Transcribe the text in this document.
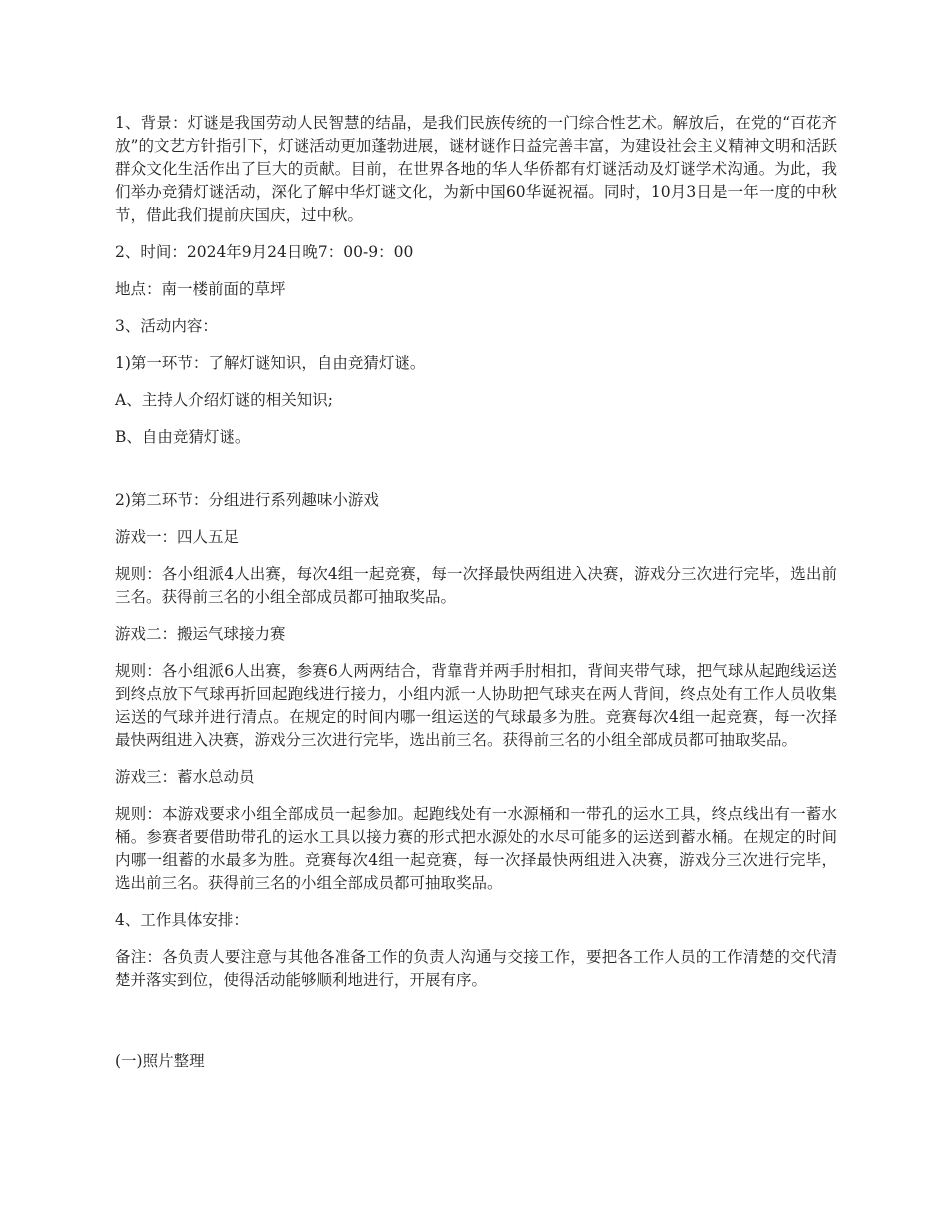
1、背景：灯谜是我国劳动人民智慧的结晶，是我们民族传统的一门综合性艺术。解放后，在党的“百花齐放”的文艺方针指引下，灯谜活动更加蓬勃进展，谜材谜作日益完善丰富，为建设社会主义精神文明和活跃群众文化生活作出了巨大的贡献。目前，在世界各地的华人华侨都有灯谜活动及灯谜学术沟通。为此，我们举办竞猜灯谜活动，深化了解中华灯谜文化，为新中国60华诞祝福。同时，10月3日是一年一度的中秋节，借此我们提前庆国庆，过中秋。

2、时间：2024年9月24日晚7：00-9：00

地点：南一楼前面的草坪

3、活动内容：

1)第一环节：了解灯谜知识，自由竞猜灯谜。

A、主持人介绍灯谜的相关知识;

B、自由竞猜灯谜。

2)第二环节：分组进行系列趣味小游戏

游戏一：四人五足

规则：各小组派4人出赛，每次4组一起竞赛，每一次择最快两组进入决赛，游戏分三次进行完毕，选出前三名。获得前三名的小组全部成员都可抽取奖品。

游戏二：搬运气球接力赛

规则：各小组派6人出赛，参赛6人两两结合，背靠背并两手肘相扣，背间夹带气球，把气球从起跑线运送到终点放下气球再折回起跑线进行接力，小组内派一人协助把气球夹在两人背间，终点处有工作人员收集运送的气球并进行清点。在规定的时间内哪一组运送的气球最多为胜。竞赛每次4组一起竞赛，每一次择最快两组进入决赛，游戏分三次进行完毕，选出前三名。获得前三名的小组全部成员都可抽取奖品。

游戏三：蓄水总动员

规则：本游戏要求小组全部成员一起参加。起跑线处有一水源桶和一带孔的运水工具，终点线出有一蓄水桶。参赛者要借助带孔的运水工具以接力赛的形式把水源处的水尽可能多的运送到蓄水桶。在规定的时间内哪一组蓄的水最多为胜。竞赛每次4组一起竞赛，每一次择最快两组进入决赛，游戏分三次进行完毕，选出前三名。获得前三名的小组全部成员都可抽取奖品。

4、工作具体安排：

备注：各负责人要注意与其他各准备工作的负责人沟通与交接工作，要把各工作人员的工作清楚的交代清楚并落实到位，使得活动能够顺利地进行，开展有序。

(一)照片整理
